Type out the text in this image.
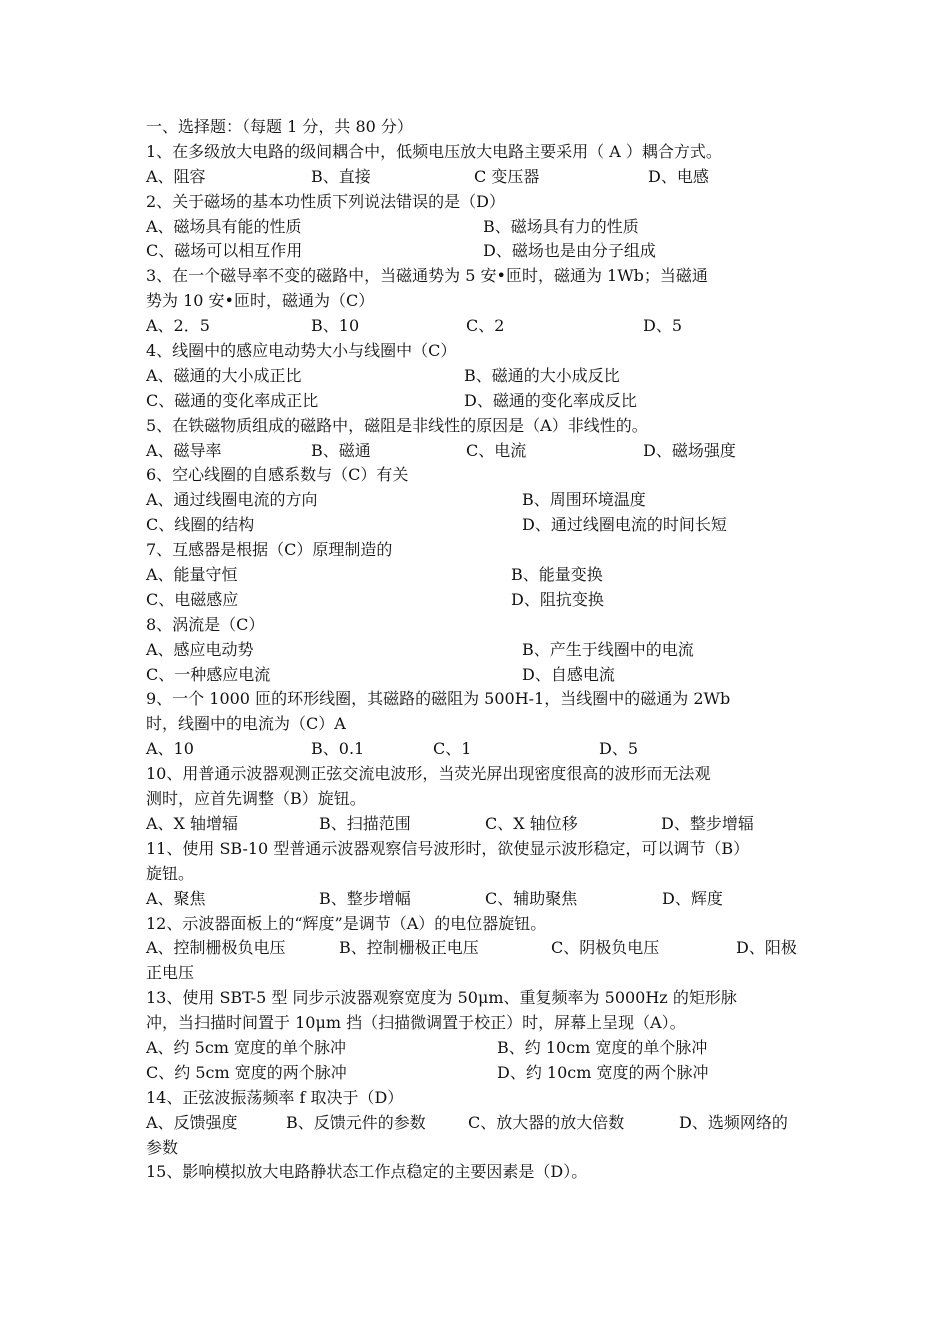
一、选择题：（每题 1 分，共 80 分）
1、在多级放大电路的级间耦合中，低频电压放大电路主要采用（ A ）耦合方式。
A、阻容	B、直接	C 变压器	D、电感
2、关于磁场的基本功性质下列说法错误的是（D）
A、磁场具有能的性质	B、磁场具有力的性质
C、磁场可以相互作用	D、磁场也是由分子组成
3、在一个磁导率不变的磁路中，当磁通势为 5 安•匝时，磁通为 1Wb；当磁通
势为 10 安•匝时，磁通为（C）
A、2．5	B、10	C、2	D、5
4、线圈中的感应电动势大小与线圈中（C）
A、磁通的大小成正比	B、磁通的大小成反比
C、磁通的变化率成正比	D、磁通的变化率成反比
5、在铁磁物质组成的磁路中，磁阻是非线性的原因是（A）非线性的。
A、磁导率	B、磁通	C、电流	D、磁场强度
6、空心线圈的自感系数与（C）有关
A、通过线圈电流的方向	B、周围环境温度
C、线圈的结构	D、通过线圈电流的时间长短
7、互感器是根据（C）原理制造的
A、能量守恒	B、能量变换
C、电磁感应	D、阻抗变换
8、涡流是（C）
A、感应电动势	B、产生于线圈中的电流
C、一种感应电流	D、自感电流
9、一个 1000 匝的环形线圈，其磁路的磁阻为 500H-1，当线圈中的磁通为 2Wb
时，线圈中的电流为（C）A
A、10	B、0.1	C、1	D、5
10、用普通示波器观测正弦交流电波形，当荧光屏出现密度很高的波形而无法观
测时，应首先调整（B）旋钮。
A、X 轴增辐	B、扫描范围	C、X 轴位移	D、整步增辐
11、使用 SB-10 型普通示波器观察信号波形时，欲使显示波形稳定，可以调节（B）
旋钮。
A、聚焦	B、整步增幅	C、辅助聚焦	D、辉度
12、示波器面板上的“辉度”是调节（A）的电位器旋钮。
A、控制栅极负电压	B、控制栅极正电压	C、阴极负电压	D、阳极
正电压
13、使用 SBT-5 型 同步示波器观察宽度为 50μm、重复频率为 5000Hz 的矩形脉
冲，当扫描时间置于 10μm 挡（扫描微调置于校正）时，屏幕上呈现（A）。
A、约 5cm 宽度的单个脉冲	B、约 10cm 宽度的单个脉冲
C、约 5cm 宽度的两个脉冲	D、约 10cm 宽度的两个脉冲
14、正弦波振荡频率 f 取决于（D）
A、反馈强度	B、反馈元件的参数	C、放大器的放大倍数	D、选频网络的
参数
15、影响模拟放大电路静状态工作点稳定的主要因素是（D）。
